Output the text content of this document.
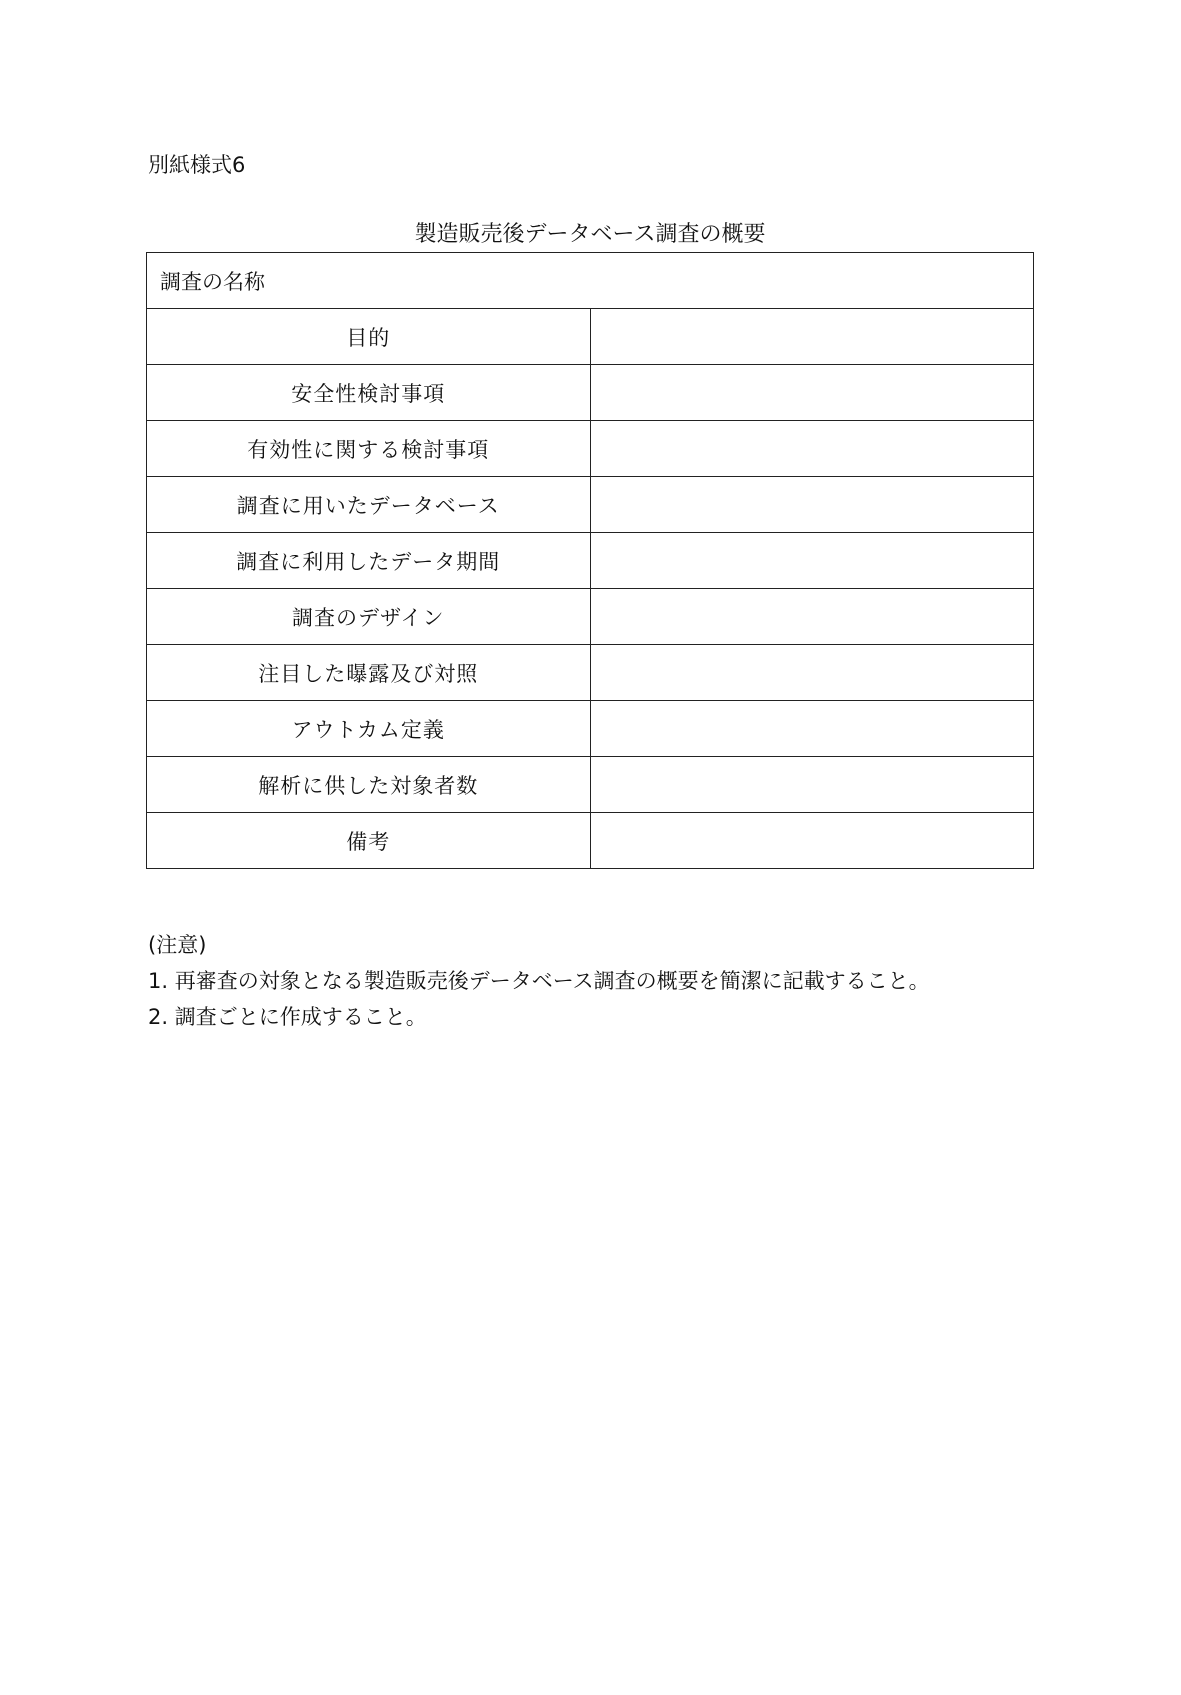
別紙様式6
製造販売後データベース調査の概要
調査の名称	
目的	
安全性検討事項	
有効性に関する検討事項	
調査に用いたデータベース	
調査に利用したデータ期間	
調査のデザイン	
注目した曝露及び対照	
アウトカム定義	
解析に供した対象者数	
備考	
(注意)
1. 再審査の対象となる製造販売後データベース調査の概要を簡潔に記載すること。
2. 調査ごとに作成すること。
